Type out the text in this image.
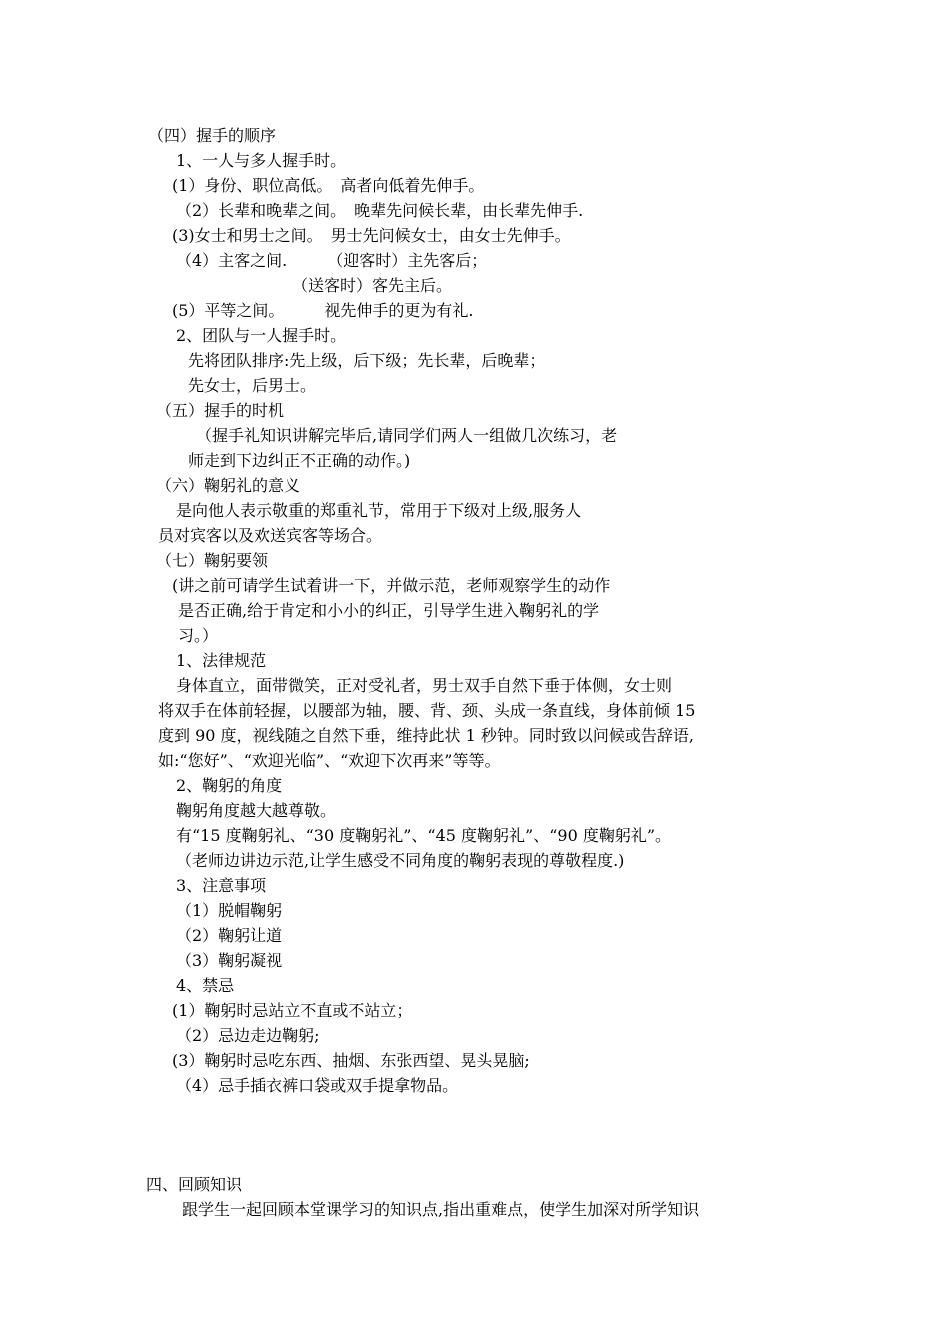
（四）握手的顺序
1、一人与多人握手时。
(1）身份、职位高低。　高者向低着先伸手。
（2）长辈和晚辈之间。　晚辈先问候长辈，由长辈先伸手.
(3)女士和男士之间。　男士先问候女士，由女士先伸手。
（4）主客之间.　　　（迎客时）主先客后；
（送客时）客先主后。
(5）平等之间。　　　视先伸手的更为有礼.
2、团队与一人握手时。
先将团队排序:先上级，后下级；先长辈，后晚辈；
先女士，后男士。
（五）握手的时机
（握手礼知识讲解完毕后,请同学们两人一组做几次练习，老
师走到下边纠正不正确的动作。)
（六）鞠躬礼的意义
是向他人表示敬重的郑重礼节，常用于下级对上级,服务人
员对宾客以及欢送宾客等场合。
（七）鞠躬要领
(讲之前可请学生试着讲一下，并做示范，老师观察学生的动作
是否正确,给于肯定和小小的纠正，引导学生进入鞠躬礼的学
习。）
1、法律规范
身体直立，面带微笑，正对受礼者，男士双手自然下垂于体侧，女士则
将双手在体前轻握，以腰部为轴，腰、背、颈、头成一条直线，身体前倾 15
度到 90 度，视线随之自然下垂，维持此状 1 秒钟。同时致以问候或告辞语,
如:“您好”、“欢迎光临”、“欢迎下次再来”等等。
2、鞠躬的角度
鞠躬角度越大越尊敬。
有“15 度鞠躬礼、“30 度鞠躬礼”、“45 度鞠躬礼”、“90 度鞠躬礼”。
（老师边讲边示范,让学生感受不同角度的鞠躬表现的尊敬程度.)
3、注意事项
（1）脱帽鞠躬
（2）鞠躬让道
（3）鞠躬凝视
4、禁忌
(1）鞠躬时忌站立不直或不站立；
（2）忌边走边鞠躬;
(3）鞠躬时忌吃东西、抽烟、东张西望、晃头晃脑;
（4）忌手插衣裤口袋或双手提拿物品。
四、回顾知识
跟学生一起回顾本堂课学习的知识点,指出重难点，使学生加深对所学知识
